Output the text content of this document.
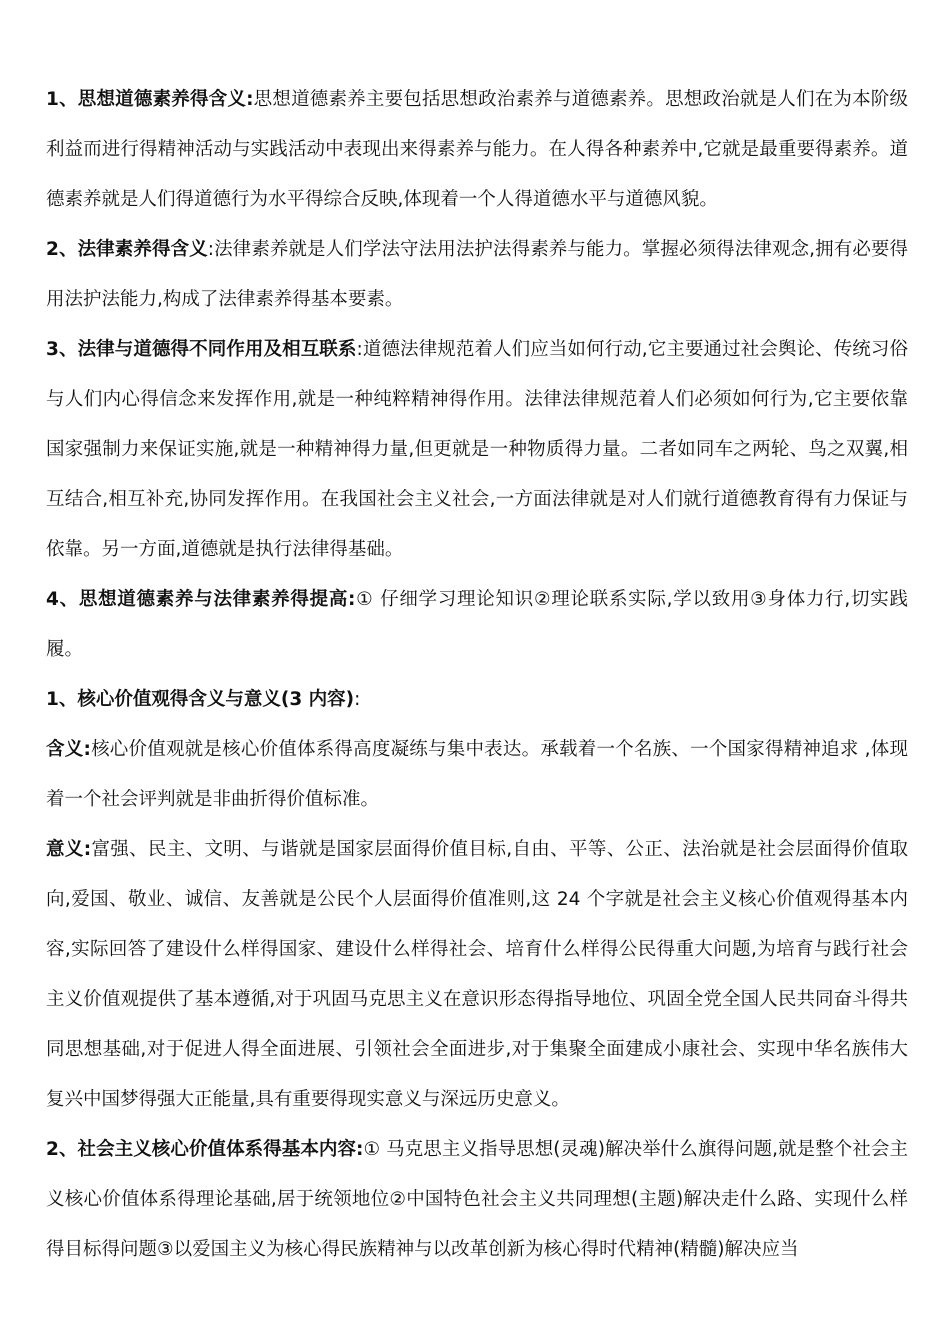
1、思想道德素养得含义:思想道德素养主要包括思想政治素养与道德素养。思想政治就是人们在为本阶级利益而进行得精神活动与实践活动中表现出来得素养与能力。在人得各种素养中,它就是最重要得素养。道德素养就是人们得道德行为水平得综合反映,体现着一个人得道德水平与道德风貌。

2、法律素养得含义:法律素养就是人们学法守法用法护法得素养与能力。掌握必须得法律观念,拥有必要得用法护法能力,构成了法律素养得基本要素。

3、法律与道德得不同作用及相互联系:道德法律规范着人们应当如何行动,它主要通过社会舆论、传统习俗与人们内心得信念来发挥作用,就是一种纯粹精神得作用。法律法律规范着人们必须如何行为,它主要依靠国家强制力来保证实施,就是一种精神得力量,但更就是一种物质得力量。二者如同车之两轮、鸟之双翼,相互结合,相互补充,协同发挥作用。在我国社会主义社会,一方面法律就是对人们就行道德教育得有力保证与依靠。另一方面,道德就是执行法律得基础。

4、思想道德素养与法律素养得提高:① 仔细学习理论知识②理论联系实际,学以致用③身体力行,切实践履。

1、核心价值观得含义与意义(3 内容):

含义:核心价值观就是核心价值体系得高度凝练与集中表达。承载着一个名族、一个国家得精神追求 ,体现着一个社会评判就是非曲折得价值标准。

意义:富强、民主、文明、与谐就是国家层面得价值目标,自由、平等、公正、法治就是社会层面得价值取向,爱国、敬业、诚信、友善就是公民个人层面得价值准则,这 24 个字就是社会主义核心价值观得基本内容,实际回答了建设什么样得国家、建设什么样得社会、培育什么样得公民得重大问题,为培育与践行社会主义价值观提供了基本遵循,对于巩固马克思主义在意识形态得指导地位、巩固全党全国人民共同奋斗得共同思想基础,对于促进人得全面进展、引领社会全面进步,对于集聚全面建成小康社会、实现中华名族伟大复兴中国梦得强大正能量,具有重要得现实意义与深远历史意义。

2、社会主义核心价值体系得基本内容:① 马克思主义指导思想(灵魂)解决举什么旗得问题,就是整个社会主义核心价值体系得理论基础,居于统领地位②中国特色社会主义共同理想(主题)解决走什么路、实现什么样得目标得问题③以爱国主义为核心得民族精神与以改革创新为核心得时代精神(精髓)解决应当
